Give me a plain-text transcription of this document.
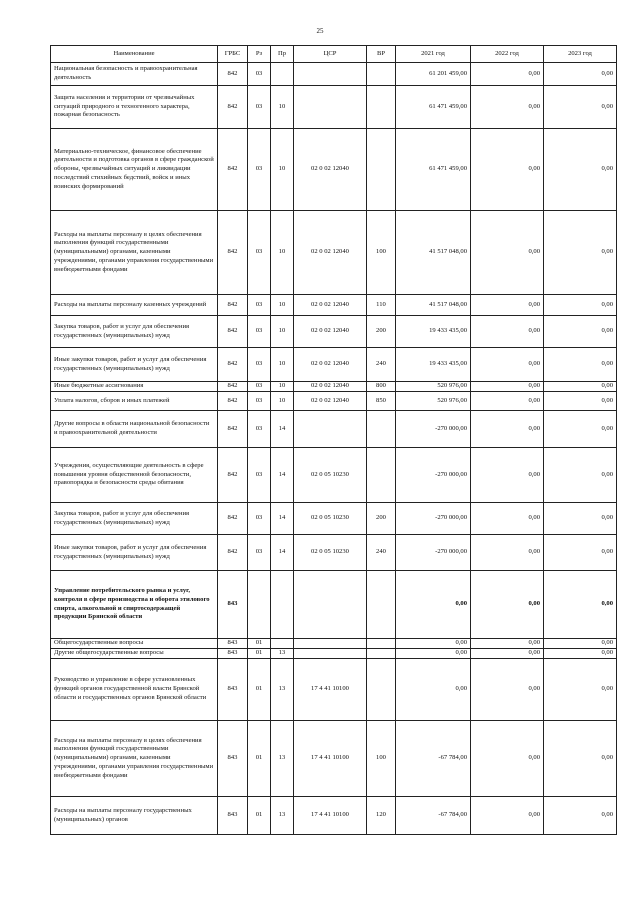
25
Наименование	ГРБС	Рз	Пр	ЦСР	ВР	2021 год	2022 год	2023 год
Национальная безопасность и правоохранительная деятельность	842	03				61 201 459,00	0,00	0,00
Защита населения и территории от чрезвычайных ситуаций природного и техногенного характера, пожарная безопасность	842	03	10			61 471 459,00	0,00	0,00
Материально-техническое, финансовое обеспечение деятельности и подготовка органов в сфере гражданской обороны, чрезвычайных ситуаций и ликвидации последствий стихийных бедствий, войск и иных воинских формирований	842	03	10	02 0 02 12040		61 471 459,00	0,00	0,00
Расходы на выплаты персоналу в целях обеспечения выполнения функций государственными (муниципальными) органами, казенными учреждениями, органами управления государственными внебюджетными фондами	842	03	10	02 0 02 12040	100	41 517 048,00	0,00	0,00
Расходы на выплаты персоналу казенных учреждений	842	03	10	02 0 02 12040	110	41 517 048,00	0,00	0,00
Закупка товаров, работ и услуг для обеспечения государственных (муниципальных) нужд	842	03	10	02 0 02 12040	200	19 433 435,00	0,00	0,00
Иные закупки товаров, работ и услуг для обеспечения государственных (муниципальных) нужд	842	03	10	02 0 02 12040	240	19 433 435,00	0,00	0,00
Иные бюджетные ассигнования	842	03	10	02 0 02 12040	800	520 976,00	0,00	0,00
Уплата налогов, сборов и иных платежей	842	03	10	02 0 02 12040	850	520 976,00	0,00	0,00
Другие вопросы в области национальной безопасности и правоохранительной деятельности	842	03	14			-270 000,00	0,00	0,00
Учреждения, осуществляющие деятельность в сфере повышения уровня общественной безопасности, правопорядка и безопасности среды обитания	842	03	14	02 0 05 10230		-270 000,00	0,00	0,00
Закупка товаров, работ и услуг для обеспечения государственных (муниципальных) нужд	842	03	14	02 0 05 10230	200	-270 000,00	0,00	0,00
Иные закупки товаров, работ и услуг для обеспечения государственных (муниципальных) нужд	842	03	14	02 0 05 10230	240	-270 000,00	0,00	0,00
Управление потребительского рынка и услуг, контроля в сфере производства и оборота этилового спирта, алкогольной и спиртосодержащей продукции Брянской области	843					0,00	0,00	0,00
Общегосударственные вопросы	843	01				0,00	0,00	0,00
Другие общегосударственные вопросы	843	01	13			0,00	0,00	0,00
Руководство и управление в сфере установленных функций органов государственной власти Брянской области и государственных органов Брянской области	843	01	13	17 4 41 10100		0,00	0,00	0,00
Расходы на выплаты персоналу в целях обеспечения выполнения функций государственными (муниципальными) органами, казенными учреждениями, органами управления государственными внебюджетными фондами	843	01	13	17 4 41 10100	100	-67 784,00	0,00	0,00
Расходы на выплаты персоналу государственных (муниципальных) органов	843	01	13	17 4 41 10100	120	-67 784,00	0,00	0,00
